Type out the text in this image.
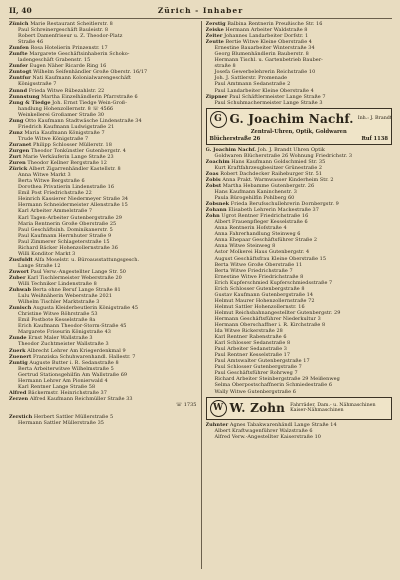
II, 40	Zürich - Inhaber
Zünich Marie Restaurant Scheitlerstr. 8
Paul Schreinergeschäft Bauleistr. 8
Robert Damenfriseur u. Z. Theodor-Platz
Straße 46
Zunfen Rosa Hotelierin Prinzenstr. 17
Zunfte Margarete Geschäftsinhaberin Schoko-
ladengeschäft Grabenstr. 15
Zunfer Eugen Näher Ricarde Ring 16
Zuntogt Wilhelm Seifenhändler Große Oberstr. 16/17
Zuntfur Nati Kaufmann Kolonialwarengeschäft
Königsstraße 7
Zunnd Frieda Witwe Rübezahlstr. 22
Zunnstung Martha Einzelhändlerin Pfarrstraße 6
Zung & Tiedge Joh. Ernst Tiedge Wein-Groß-
handlung Hohenzollernstr. 8 ☏ 4566
Weinkellerei Großamer Straße 30
Zung Otto Kaufmann Stadtwäsche Lindenstraße 34
Friedrich Kaufmann Ludwigstraße 21
Zunz Maria Kaufmann Königstraße 7
Trude Witwe Königstraße 7
Zuranet Philipp Schlosser Müllerstr. 18
Zurgen Theodor Tonkünstler Gutenbergstr. 4
Zurt Marie Verkäuferin Lange Straße 23
Zuren Theodor Kellner Bergstraße 12
Zürick Albert Zigarrenhändler Kastellstr. 8
Anna Witwe Markt 3
Berta Witwe Bergstraße 6
Dorothea Privatierin Lindenstraße 16
Emil Post Friedrichstraße 22
Heinrich Kassierer Niedermeyer Straße 34
Hermann Schneidermeister Allenstraße 15
Karl Arbeiter Ammelstraße 7
Karl Tagen-Arbeiter Gutenbergstraße 29
Maria Rentnerin Große Oberstraße 25
Paul Geschäftsinh. Dominikanerstr. 5
Paul Kaufmann Herrnhuter Straße 9
Paul Zimmerer Schlageterstraße 15
Richard Bäcker Hohenzollernstraße 36
Willi Konditor Markt 3
Zusfuldt Alfa Moselstr. u. Büroausstattungsgesch.
Lange Straße 12
Zuwort Paul Verw.-Angestellter Lange Str. 50
Zuber Karl Tischlermeister Weberstraße 20
Willi Techniker Lindenstraße 8
Zuhwab Berta ohne Beruf Lange Straße 81
Lulu Weißnäherin Weberstraße 2021
Wilhelm Tischler Marktstraße 3
Zunisch Augusta Kleiderbeutlerin Königstraße 45
Christine Witwe Röhrstraße 53
Emil Postbote Kesselstraße 8a
Erich Kaufmann Theodor-Storm-Straße 45
Margarete Friseurin Königstraße 43
Zunde Ernst Maler Wallstraße 3
Theodor Zuchtmeister Wallstraße 3
Zuerk Albrecht Lehrer Am Kriegerdenkmal 9
Zuenert Franziska Schuhwarenhandl. Hallestr. 7
Zuntig Auguste Butter i. R. Sedanstraße 8
Berta Arbeiterwitwe Wilhelmstraße 5
Gertrud Stationsgehilfin Am Wallstraße 69
Hermann Lehrer Am Pionierwald 4
Karl Rentner Lange Straße 58
Alfred Bäckermstr. Heinrichstraße 37
Zerzen Alfred Kaufmann Reichmüller Straße 33
☏ 1735

Zerstich Herbert Sattler Müllerstraße 5
Hermann Sattler Müllerstraße 35
Zerstig Balbina Rentnerin Preußische Str. 16
Zeiske Hermann Arbeiter Waldstraße 8
Zeiter Johannes Landarbeiter Dorfstr. 1
Zeutte Bertie Witwe Kleine Oberstraße 4
Ernestine Bauarbeiter Winterstraße 34
Georg Blumenhändlerin Bauberstr. 8
Hermann Tischl. u. Gartenbetrieb Bauber-
straße 8
Josefa Gewerbelehrerin Reichstraße 10
Joh. J. Sattlerstr. Promenade
Paul Amtmann Sedanstraße 2
Paul Landarbeiter Kleine Oberstraße 4
Zippner Paul Schäftlermeister Lange Straße 7
Paul Schuhmachermeister Lange Straße 3
G G. Joachim Nachf. Inh.: J. Brandt
Zentral-Uhren, Optik, Goldwaren
Blücherstraße 26	Ruf 1138
G. Joachim Nachf. Joh. J. Brandt Uhren Optik
Goldwaren Blücherstraße 26 Wohnung Friedrichstr. 3
Zoachim Hans Kaufmann Goldschmied Str. 35
Kurt Kraftfahrzeugbesitzer Grünestraße 2
Zoas Robert Dachdecker Raiheburger Str. 51
Zobis Anna Prakt. Warmwasser Kinderheim Str. 2
Zobst Martha Hebamme Gutenbergstr. 26
Hans Kaufmann Kaninchenstr. 3
Paula Bürogehilfin Pohlberg 60
Zobsnek Frieda Berufsschullehrerin Dornbergstr. 9
Zohann Elisabeth Lehrerin Mackestraße 37
Zohn Ugrot Rentner Friedrichstraße 16
Albert Frauenpfleger Kesselstraße 6
Anna Rentnerin Hofstraße 4
Anna Fahrerhandlung Steinweg 6
Anna Ehepaar Geschäftsführer Straße 2
Anna Witwe Steinweg 8
Astor Molkerei Haus Gutenbergstr. 4
August Geschäftsfrau Kleine Oberstraße 15
Berta Witwe Große Oberstraße 11
Berta Witwe Friedrichstraße 7
Ernestine Witwe Friedrichstraße 8
Erich Kupferschmied Kupferschmiedsstraße 7
Erich Schlosser Gutenbergstraße 8
Gustav Kaufmann Gutenbergstraße 14
Helmut Maurer Hohenzollernstraße 72
Helmut Sattler Hohenzollernstr. 16
Helmut Reichsbahnangestellter Gutenbergstr. 29
Hermann Geschäftsführer Niederkultur 3
Hermann Oberschaffner i. R. Kirchstraße 8
Ida Witwe Rickerstraße 28
Karl Rentner Rabenstraße 6
Karl Schlosser Sedanstraße 8
Paul Arbeiter Sedanstraße 3
Paul Rentner Kesselstraße 17
Paul Amtswalter Gutenbergstraße 17
Paul Schlosser Gutenbergstraße 7
Paul Geschäftsführer Rohrweg 7
Richard Arbeiter Steinbergstraße 29 Meißenweg
Selma Oberpostschaffnerin Schmiedestraße 6
Wally Witwe Gutenbergstraße 6
W W. Zohn Fahrräder, Dam.- u. Nähmaschinen
Kaiser-Nähmaschinen
Zuhnter Agnes Tabakwarenhändl Lange Straße 14
Albert Kraftwagenführer Walzstraße 6
Alfred Verw.-Angestellter Kaiserstraße 10
